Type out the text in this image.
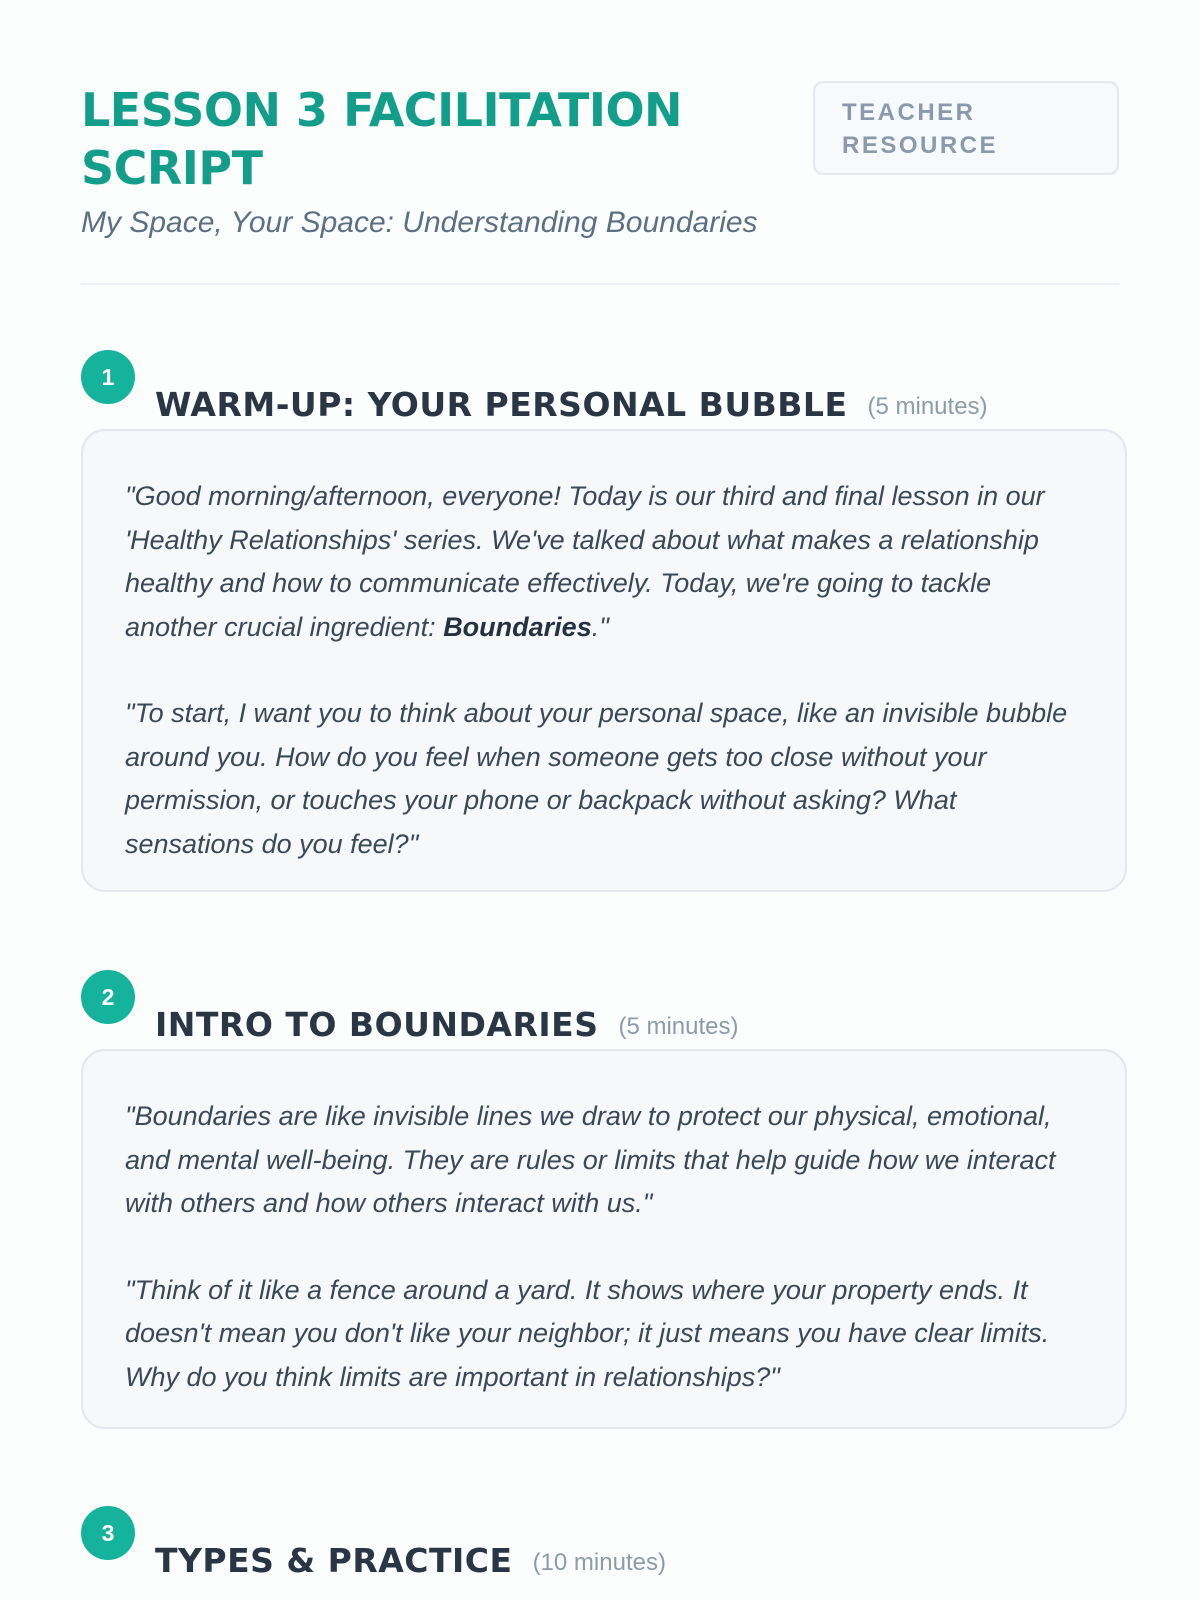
LESSON 3 FACILITATION SCRIPT

My Space, Your Space: Understanding Boundaries

TEACHER RESOURCE
1
WARM-UP: YOUR PERSONAL BUBBLE (5 minutes)

"Good morning/afternoon, everyone! Today is our third and final lesson in our 'Healthy Relationships' series. We've talked about what makes a relationship healthy and how to communicate effectively. Today, we're going to tackle another crucial ingredient: Boundaries."

"To start, I want you to think about your personal space, like an invisible bubble around you. How do you feel when someone gets too close without your permission, or touches your phone or backpack without asking? What sensations do you feel?"

2
INTRO TO BOUNDARIES (5 minutes)

"Boundaries are like invisible lines we draw to protect our physical, emotional, and mental well-being. They are rules or limits that help guide how we interact with others and how others interact with us."

"Think of it like a fence around a yard. It shows where your property ends. It doesn't mean you don't like your neighbor; it just means you have clear limits. Why do you think limits are important in relationships?"

3
TYPES & PRACTICE (10 minutes)
